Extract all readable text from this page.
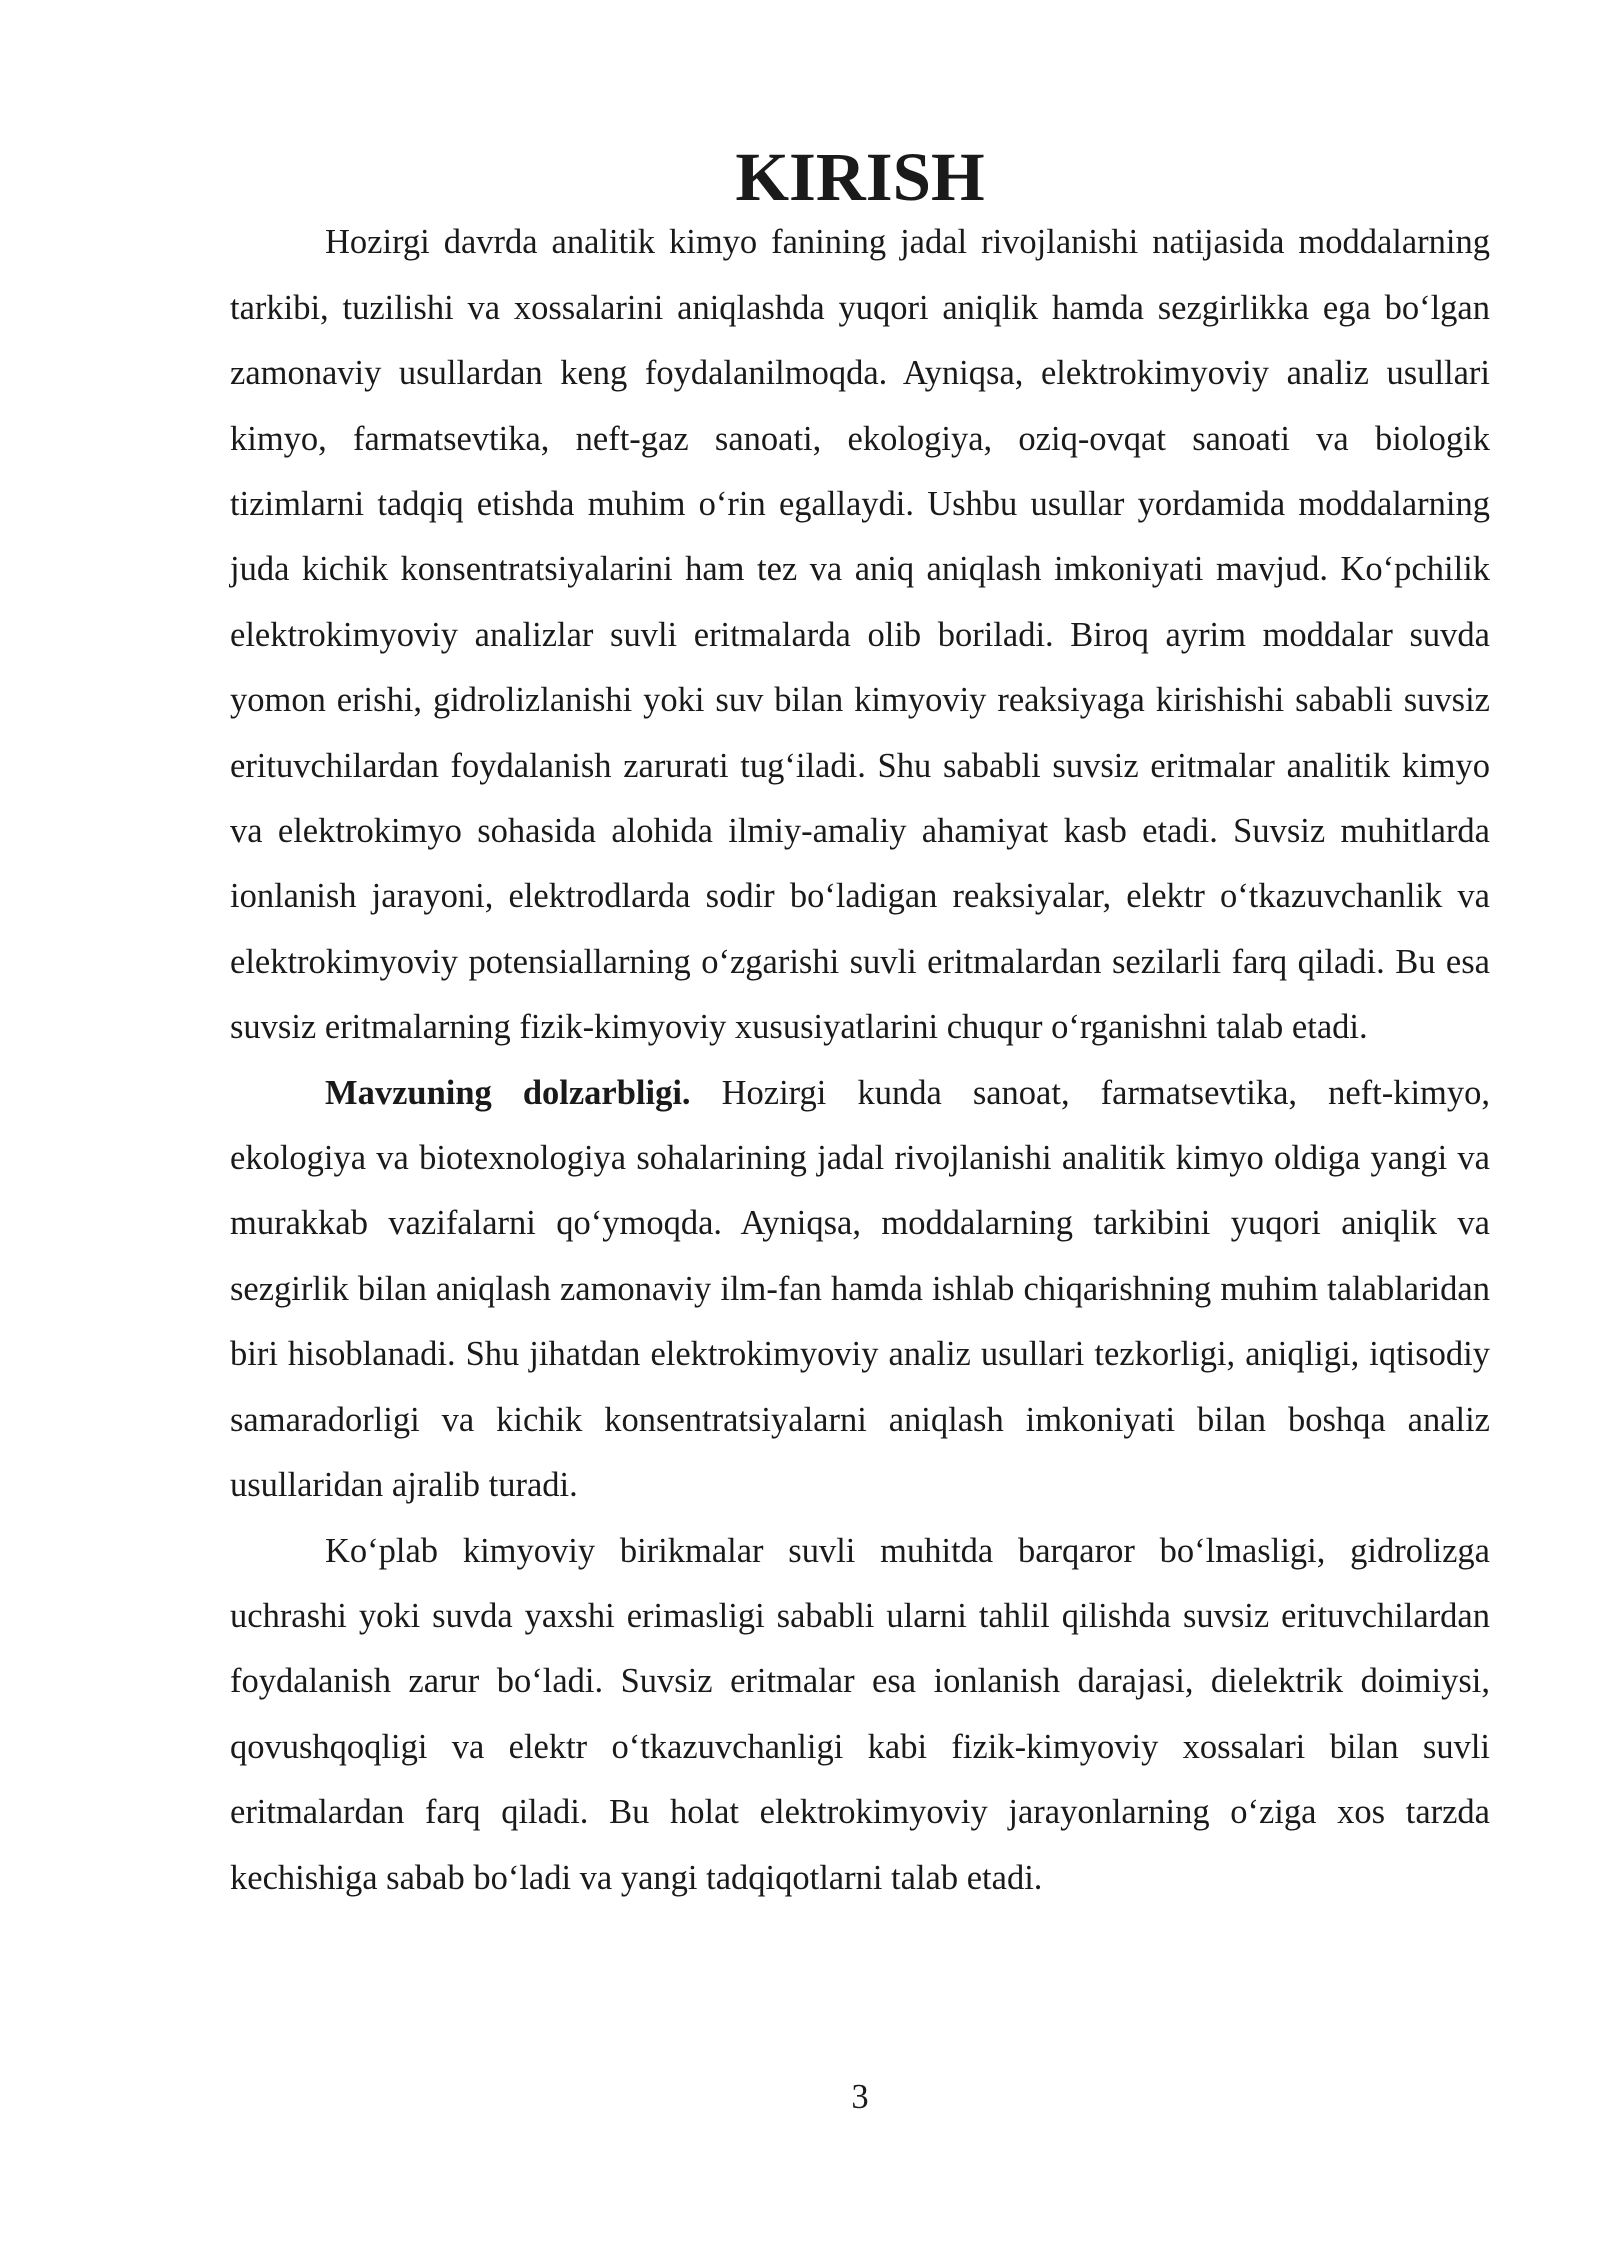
KIRISH

Hozirgi davrda analitik kimyo fanining jadal rivojlanishi natijasida moddalarning tarkibi, tuzilishi va xossalarini aniqlashda yuqori aniqlik hamda sezgirlikka ega bo‘lgan zamonaviy usullardan keng foydalanilmoqda. Ayniqsa, elektrokimyoviy analiz usullari kimyo, farmatsevtika, neft-gaz sanoati, ekologiya, oziq-ovqat sanoati va biologik tizimlarni tadqiq etishda muhim o‘rin egallaydi. Ushbu usullar yordamida moddalarning juda kichik konsentratsiyalarini ham tez va aniq aniqlash imkoniyati mavjud. Ko‘pchilik elektrokimyoviy analizlar suvli eritmalarda olib boriladi. Biroq ayrim moddalar suvda yomon erishi, gidrolizlanishi yoki suv bilan kimyoviy reaksiyaga kirishishi sababli suvsiz erituvchilardan foydalanish zarurati tug‘iladi. Shu sababli suvsiz eritmalar analitik kimyo va elektrokimyo sohasida alohida ilmiy-amaliy ahamiyat kasb etadi. Suvsiz muhitlarda ionlanish jarayoni, elektrodlarda sodir bo‘ladigan reaksiyalar, elektr o‘tkazuvchanlik va elektrokimyoviy potensiallarning o‘zgarishi suvli eritmalardan sezilarli farq qiladi. Bu esa suvsiz eritmalarning fizik-kimyoviy xususiyatlarini chuqur o‘rganishni talab etadi.

Mavzuning dolzarbligi. Hozirgi kunda sanoat, farmatsevtika, neft-kimyo, ekologiya va biotexnologiya sohalarining jadal rivojlanishi analitik kimyo oldiga yangi va murakkab vazifalarni qo‘ymoqda. Ayniqsa, moddalarning tarkibini yuqori aniqlik va sezgirlik bilan aniqlash zamonaviy ilm-fan hamda ishlab chiqarishning muhim talablaridan biri hisoblanadi. Shu jihatdan elektrokimyoviy analiz usullari tezkorligi, aniqligi, iqtisodiy samaradorligi va kichik konsentratsiyalarni aniqlash imkoniyati bilan boshqa analiz usullaridan ajralib turadi.

Ko‘plab kimyoviy birikmalar suvli muhitda barqaror bo‘lmasligi, gidrolizga uchrashi yoki suvda yaxshi erimasligi sababli ularni tahlil qilishda suvsiz erituvchilardan foydalanish zarur bo‘ladi. Suvsiz eritmalar esa ionlanish darajasi, dielektrik doimiysi, qovushqoqligi va elektr o‘tkazuvchanligi kabi fizik-kimyoviy xossalari bilan suvli eritmalardan farq qiladi. Bu holat elektrokimyoviy jarayonlarning o‘ziga xos tarzda kechishiga sabab bo‘ladi va yangi tadqiqotlarni talab etadi.

3
